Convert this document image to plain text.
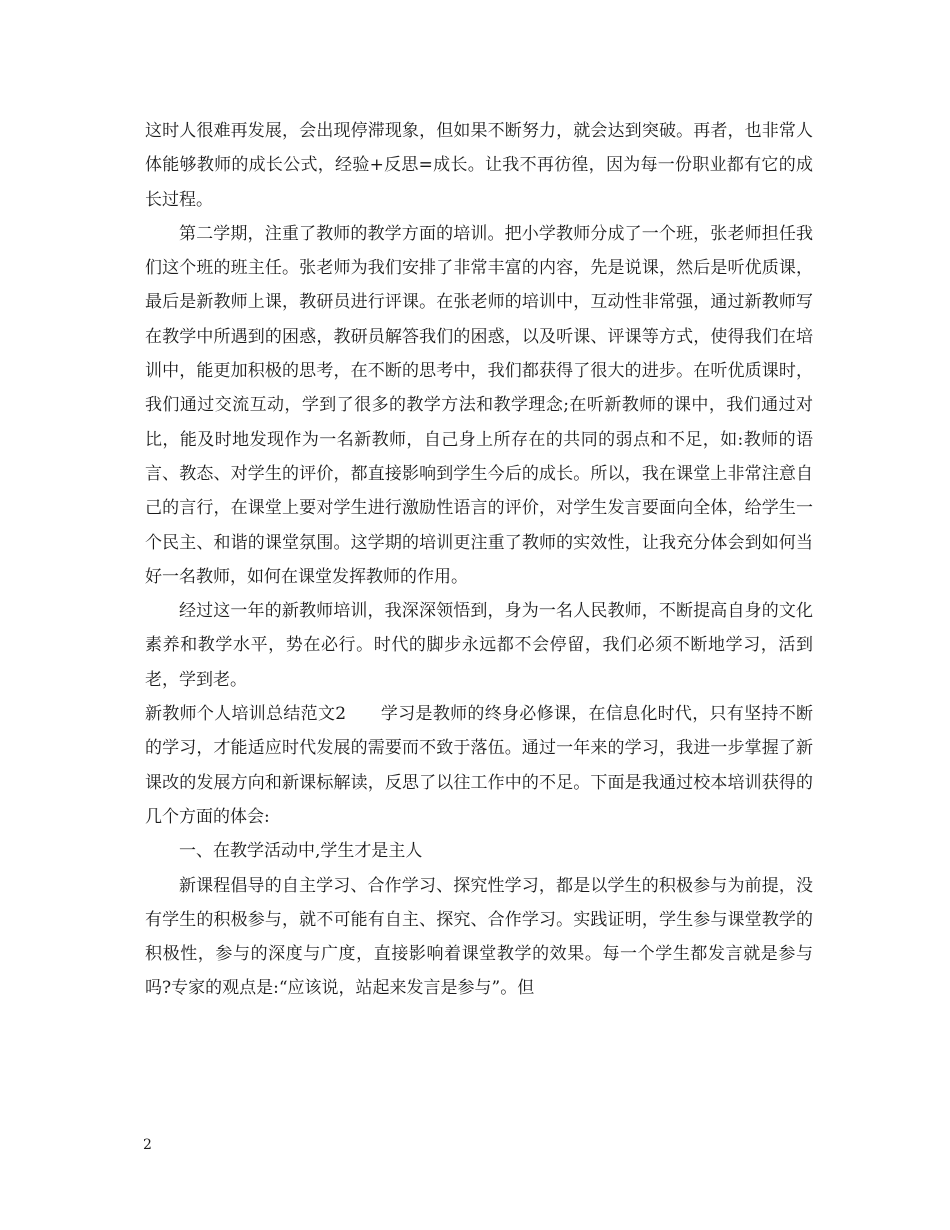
这时人很难再发展，会出现停滞现象，但如果不断努力，就会达到突破。再者，也非常人体能够教师的成长公式，经验+反思=成长。让我不再彷徨，因为每一份职业都有它的成长过程。

第二学期，注重了教师的教学方面的培训。把小学教师分成了一个班，张老师担任我们这个班的班主任。张老师为我们安排了非常丰富的内容，先是说课，然后是听优质课，最后是新教师上课，教研员进行评课。在张老师的培训中，互动性非常强，通过新教师写在教学中所遇到的困惑，教研员解答我们的困惑，以及听课、评课等方式，使得我们在培训中，能更加积极的思考，在不断的思考中，我们都获得了很大的进步。在听优质课时，我们通过交流互动，学到了很多的教学方法和教学理念;在听新教师的课中，我们通过对比，能及时地发现作为一名新教师，自己身上所存在的共同的弱点和不足，如:教师的语言、教态、对学生的评价，都直接影响到学生今后的成长。所以，我在课堂上非常注意自己的言行，在课堂上要对学生进行激励性语言的评价，对学生发言要面向全体，给学生一个民主、和谐的课堂氛围。这学期的培训更注重了教师的实效性，让我充分体会到如何当好一名教师，如何在课堂发挥教师的作用。

经过这一年的新教师培训，我深深领悟到，身为一名人民教师，不断提高自身的文化素养和教学水平，势在必行。时代的脚步永远都不会停留，我们必须不断地学习，活到老，学到老。

新教师个人培训总结范文2　　学习是教师的终身必修课，在信息化时代，只有坚持不断的学习，才能适应时代发展的需要而不致于落伍。通过一年来的学习，我进一步掌握了新课改的发展方向和新课标解读，反思了以往工作中的不足。下面是我通过校本培训获得的几个方面的体会:

一、在教学活动中,学生才是主人

新课程倡导的自主学习、合作学习、探究性学习，都是以学生的积极参与为前提，没有学生的积极参与，就不可能有自主、探究、合作学习。实践证明，学生参与课堂教学的积极性，参与的深度与广度，直接影响着课堂教学的效果。每一个学生都发言就是参与吗?专家的观点是:“应该说，站起来发言是参与”。但

2
